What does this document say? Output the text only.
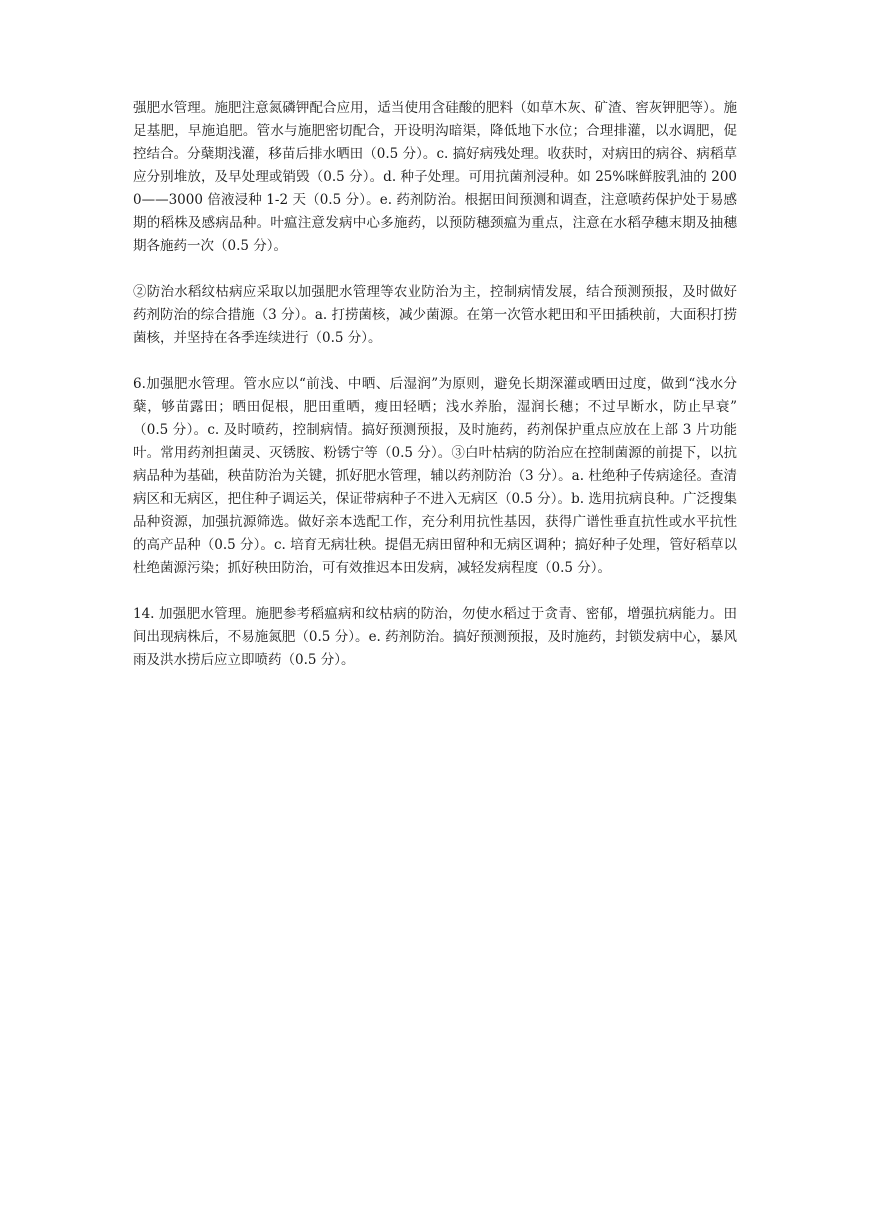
强肥水管理。施肥注意氮磷钾配合应用，适当使用含硅酸的肥料（如草木灰、矿渣、窖灰钾肥等）。施足基肥，早施追肥。管水与施肥密切配合，开设明沟暗渠，降低地下水位；合理排灌，以水调肥，促控结合。分蘖期浅灌，移苗后排水晒田（0.5 分）。c. 搞好病残处理。收获时，对病田的病谷、病稻草应分别堆放，及早处理或销毁（0.5 分）。d. 种子处理。可用抗菌剂浸种。如 25%咪鲜胺乳油的 2000——3000 倍液浸种 1-2 天（0.5 分）。e. 药剂防治。根据田间预测和调查，注意喷药保护处于易感期的稻株及感病品种。叶瘟注意发病中心多施药，以预防穗颈瘟为重点，注意在水稻孕穗末期及抽穗期各施药一次（0.5 分）。

②防治水稻纹枯病应采取以加强肥水管理等农业防治为主，控制病情发展，结合预测预报，及时做好药剂防治的综合措施（3 分）。a. 打捞菌核，减少菌源。在第一次管水耙田和平田插秧前，大面积打捞菌核，并坚持在各季连续进行（0.5 分）。

6.加强肥水管理。管水应以“前浅、中晒、后湿润”为原则，避免长期深灌或晒田过度，做到“浅水分蘖，够苗露田；晒田促根，肥田重晒，瘦田轻晒；浅水养胎，湿润长穗；不过早断水，防止早衰” （0.5 分）。c. 及时喷药，控制病情。搞好预测预报，及时施药，药剂保护重点应放在上部 3 片功能叶。常用药剂担菌灵、灭锈胺、粉锈宁等（0.5 分）。③白叶枯病的防治应在控制菌源的前提下，以抗病品种为基础，秧苗防治为关键，抓好肥水管理，辅以药剂防治（3 分）。a. 杜绝种子传病途径。查清病区和无病区，把住种子调运关，保证带病种子不进入无病区（0.5 分）。b. 选用抗病良种。广泛搜集品种资源，加强抗源筛选。做好亲本选配工作，充分利用抗性基因，获得广谱性垂直抗性或水平抗性的高产品种（0.5 分）。c. 培育无病壮秧。提倡无病田留种和无病区调种；搞好种子处理，管好稻草以杜绝菌源污染；抓好秧田防治，可有效推迟本田发病，减轻发病程度（0.5 分）。

14. 加强肥水管理。施肥参考稻瘟病和纹枯病的防治，勿使水稻过于贪青、密郁，增强抗病能力。田间出现病株后，不易施氮肥（0.5 分）。e. 药剂防治。搞好预测预报，及时施药，封锁发病中心，暴风雨及洪水捞后应立即喷药（0.5 分）。
